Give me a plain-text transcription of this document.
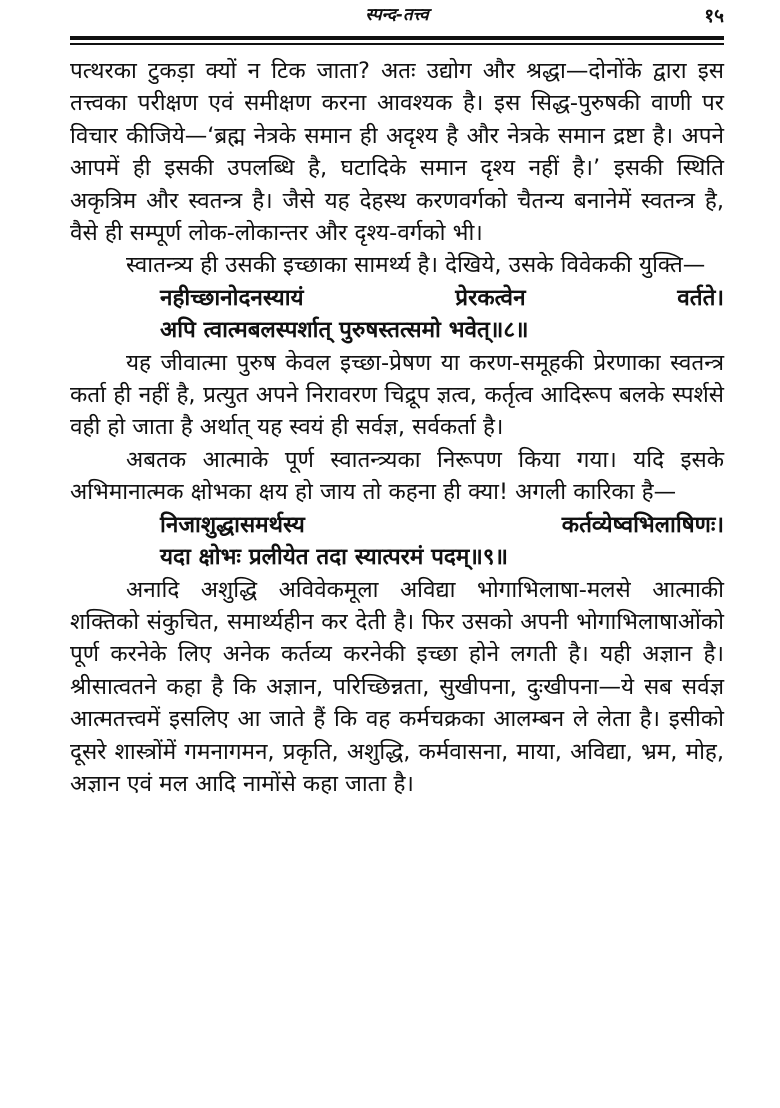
स्पन्द-तत्त्व	१५

पत्थरका टुकड़ा क्यों न टिक जाता? अतः उद्योग और श्रद्धा—दोनोंके द्वारा इस तत्त्वका परीक्षण एवं समीक्षण करना आवश्यक है। इस सिद्ध-पुरुषकी वाणी पर विचार कीजिये—‘ब्रह्म नेत्रके समान ही अदृश्य है और नेत्रके समान द्रष्टा है। अपने आपमें ही इसकी उपलब्धि है, घटादिके समान दृश्य नहीं है।’ इसकी स्थिति अकृत्रिम और स्वतन्त्र है। जैसे यह देहस्थ करणवर्गको चैतन्य बनानेमें स्वतन्त्र है, वैसे ही सम्पूर्ण लोक-लोकान्तर और दृश्य-वर्गको भी।

स्वातन्त्र्य ही उसकी इच्छाका सामर्थ्य है। देखिये, उसके विवेककी युक्ति—

नहीच्छानोदनस्यायं प्रेरकत्वेन वर्तते।

अपि त्वात्मबलस्पर्शात् पुरुषस्तत्समो भवेत्॥८॥

यह जीवात्मा पुरुष केवल इच्छा-प्रेषण या करण-समूहकी प्रेरणाका स्वतन्त्र कर्ता ही नहीं है, प्रत्युत अपने निरावरण चिद्रूप ज्ञत्व, कर्तृत्व आदिरूप बलके स्पर्शसे वही हो जाता है अर्थात् यह स्वयं ही सर्वज्ञ, सर्वकर्ता है।

अबतक आत्माके पूर्ण स्वातन्त्र्यका निरूपण किया गया। यदि इसके अभिमानात्मक क्षोभका क्षय हो जाय तो कहना ही क्या! अगली कारिका है—

निजाशुद्धासमर्थस्य कर्तव्येष्वभिलाषिणः।

यदा क्षोभः प्रलीयेत तदा स्यात्परमं पदम्॥९॥

अनादि अशुद्धि अविवेकमूला अविद्या भोगाभिलाषा-मलसे आत्माकी शक्तिको संकुचित, समार्थ्यहीन कर देती है। फिर उसको अपनी भोगाभिलाषाओंको पूर्ण करनेके लिए अनेक कर्तव्य करनेकी इच्छा होने लगती है। यही अज्ञान है। श्रीसात्वतने कहा है कि अज्ञान, परिच्छिन्नता, सुखीपना, दुःखीपना—ये सब सर्वज्ञ आत्मतत्त्वमें इसलिए आ जाते हैं कि वह कर्मचक्रका आलम्बन ले लेता है। इसीको दूसरे शास्त्रोंमें गमनागमन, प्रकृति, अशुद्धि, कर्मवासना, माया, अविद्या, भ्रम, मोह, अज्ञान एवं मल आदि नामोंसे कहा जाता है।
